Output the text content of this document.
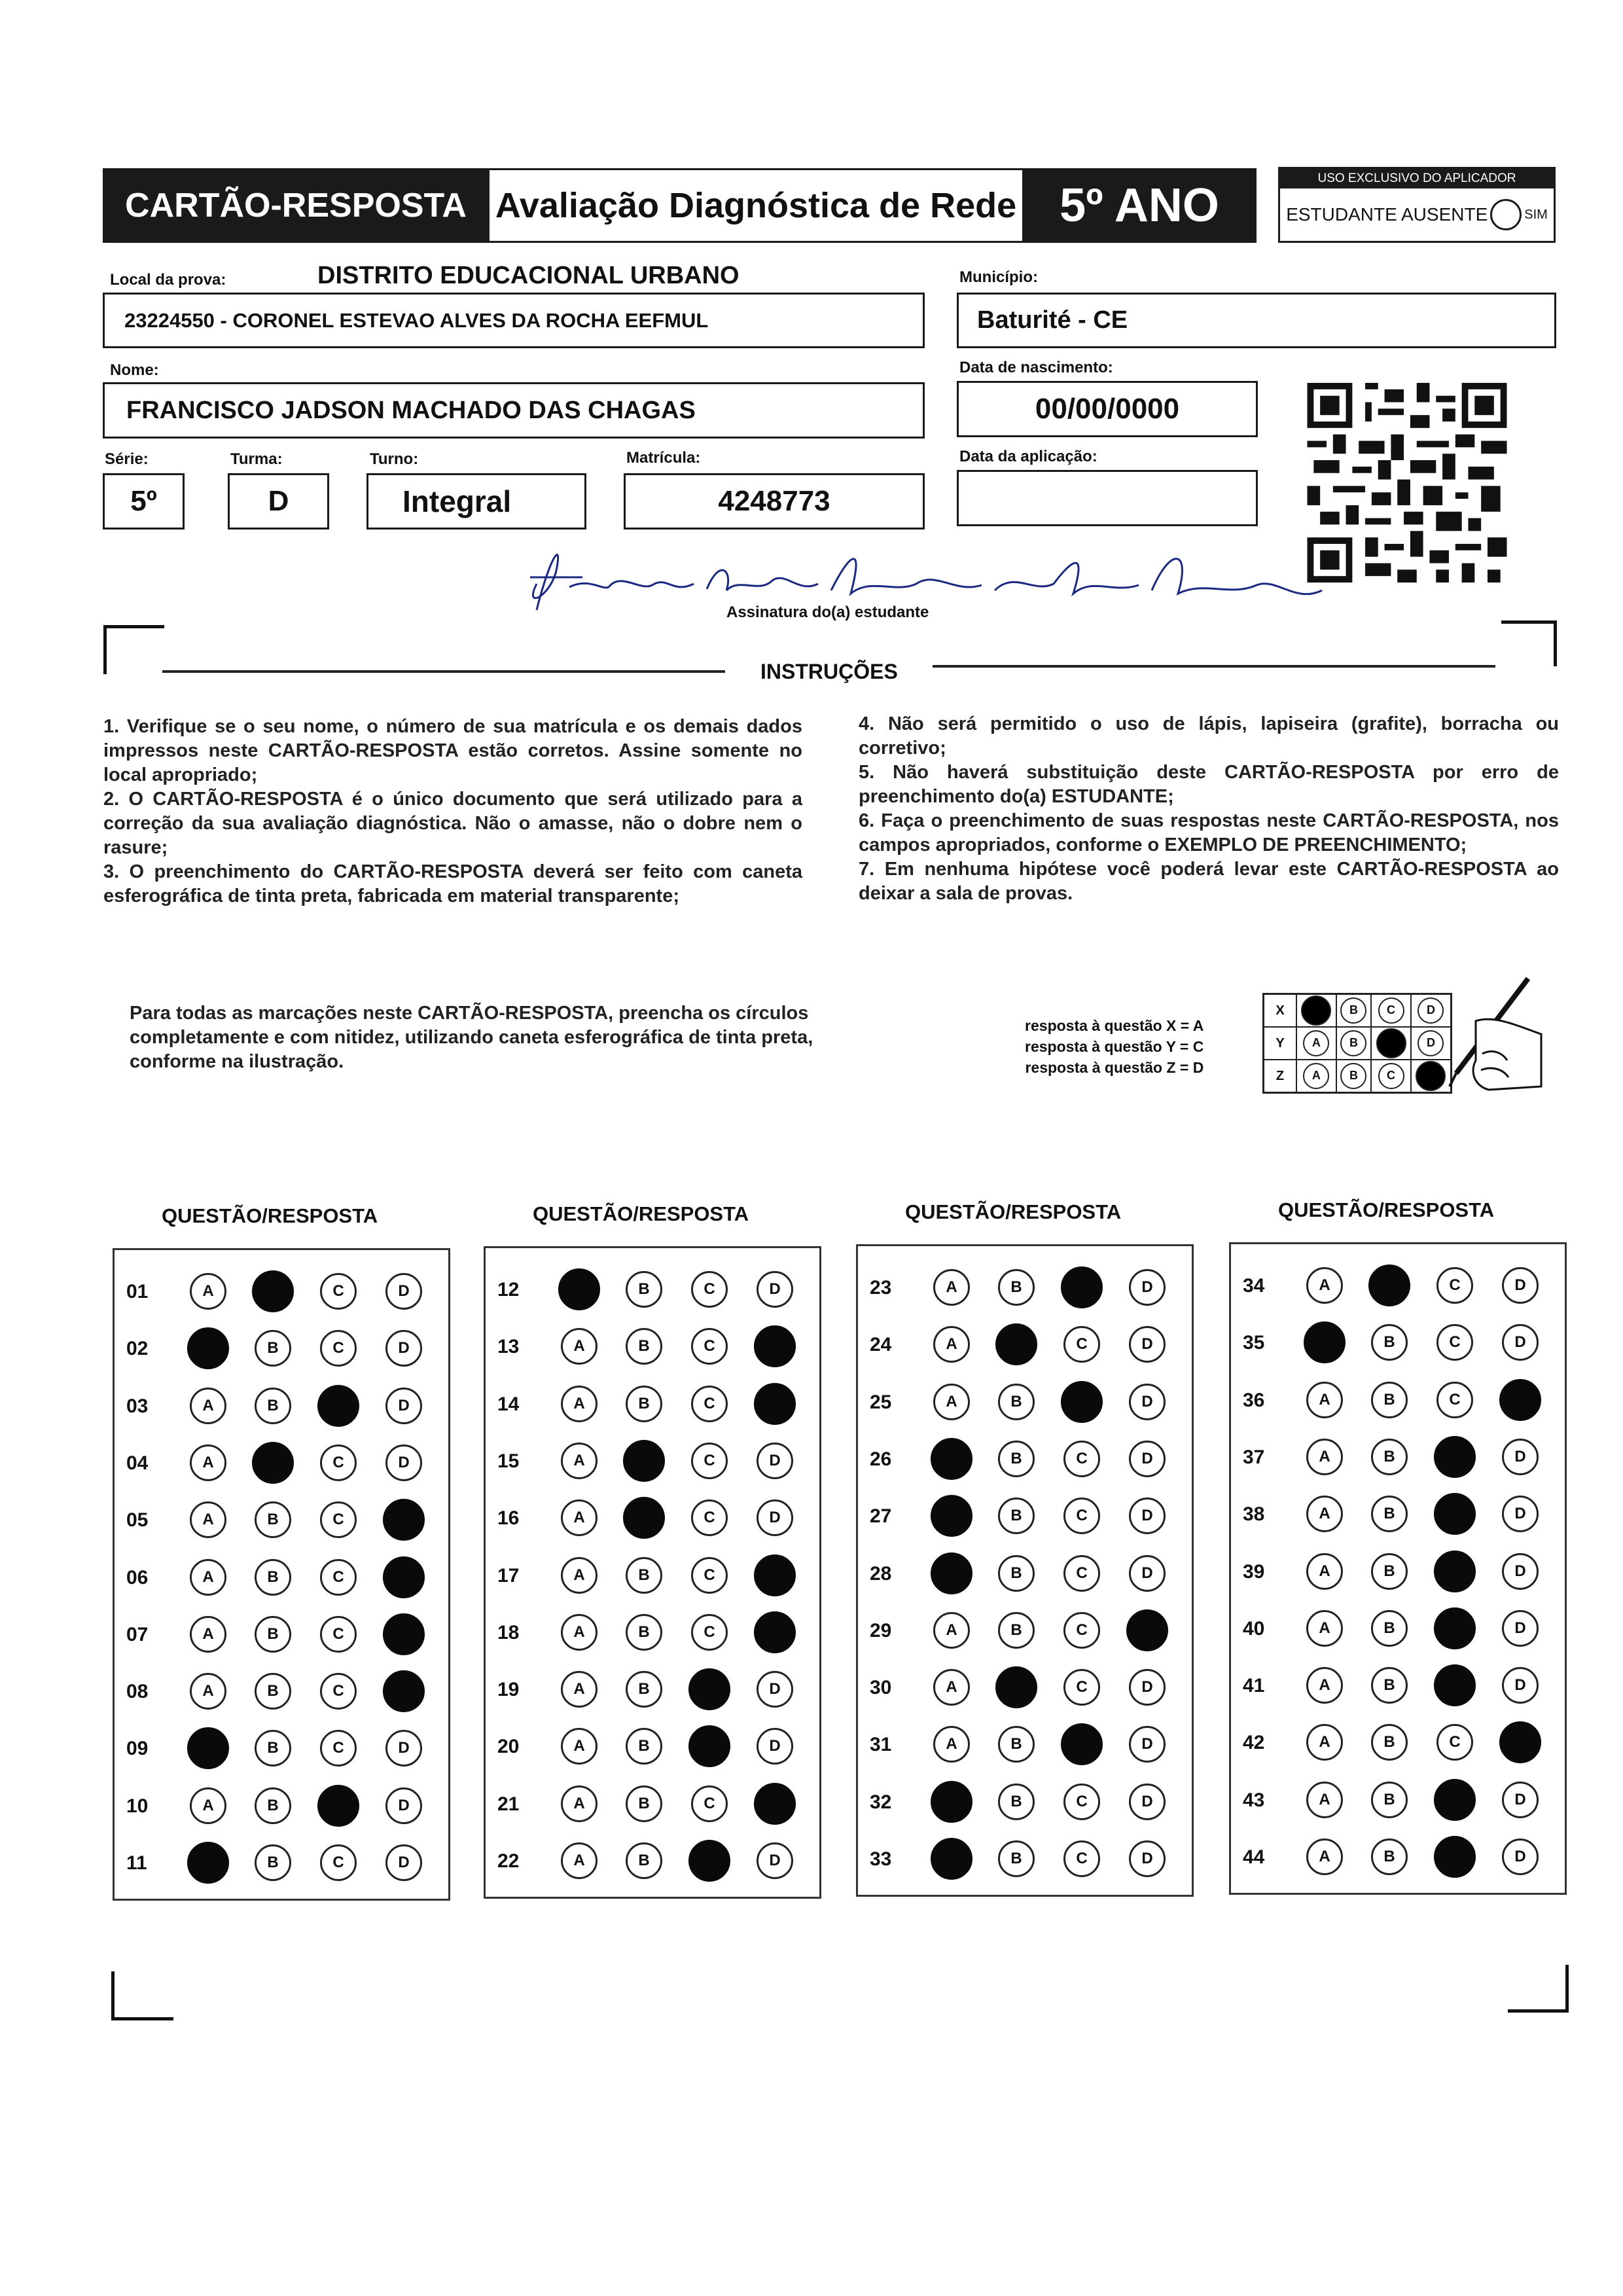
CARTÃO-RESPOSTA Avaliação Diagnóstica de Rede 5º ANO
USO EXCLUSIVO DO APLICADOR
ESTUDANTE AUSENTE	SIM
Local da prova:	DISTRITO EDUCACIONAL URBANO
23224550 - CORONEL ESTEVAO ALVES DA ROCHA EEFMUL
Município:
Baturité - CE
Nome:
FRANCISCO JADSON MACHADO DAS CHAGAS
Data de nascimento:
00/00/0000
Série:
5º
Turma:
D
Turno:
Integral
Matrícula:
4248773
Data da aplicação:
Assinatura do(a) estudante
INSTRUÇÕES

1. Verifique se o seu nome, o número de sua matrícula e os demais dados impressos neste CARTÃO-RESPOSTA estão corretos. Assine somente no local apropriado;

2. O CARTÃO-RESPOSTA é o único documento que será utilizado para a correção da sua avaliação diagnóstica. Não o amasse, não o dobre nem o rasure;

3. O preenchimento do CARTÃO-RESPOSTA deverá ser feito com caneta esferográfica de tinta preta, fabricada em material transparente;

4. Não será permitido o uso de lápis, lapiseira (grafite), borracha ou corretivo;

5. Não haverá substituição deste CARTÃO-RESPOSTA por erro de preenchimento do(a) ESTUDANTE;

6. Faça o preenchimento de suas respostas neste CARTÃO-RESPOSTA, nos campos apropriados, conforme o EXEMPLO DE PREENCHIMENTO;

7. Em nenhuma hipótese você poderá levar este CARTÃO-RESPOSTA ao deixar a sala de provas.

Para todas as marcações neste CARTÃO-RESPOSTA, preencha os círculos completamente e com nitidez, utilizando caneta esferográfica de tinta preta, conforme na ilustração.
resposta à questão X = A
resposta à questão Y = C
resposta à questão Z = D
X	A	B	C	D
Y	A	B	C	D
Z	A	B	C	D
QUESTÃO/RESPOSTA
01	A	B	C	D
02	A	B	C	D
03	A	B	C	D
04	A	B	C	D
05	A	B	C	D
06	A	B	C	D
07	A	B	C	D
08	A	B	C	D
09	A	B	C	D
10	A	B	C	D
11	A	B	C	D
QUESTÃO/RESPOSTA
12	A	B	C	D
13	A	B	C	D
14	A	B	C	D
15	A	B	C	D
16	A	B	C	D
17	A	B	C	D
18	A	B	C	D
19	A	B	C	D
20	A	B	C	D
21	A	B	C	D
22	A	B	C	D
QUESTÃO/RESPOSTA
23	A	B	C	D
24	A	B	C	D
25	A	B	C	D
26	A	B	C	D
27	A	B	C	D
28	A	B	C	D
29	A	B	C	D
30	A	B	C	D
31	A	B	C	D
32	A	B	C	D
33	A	B	C	D
QUESTÃO/RESPOSTA
34	A	B	C	D
35	A	B	C	D
36	A	B	C	D
37	A	B	C	D
38	A	B	C	D
39	A	B	C	D
40	A	B	C	D
41	A	B	C	D
42	A	B	C	D
43	A	B	C	D
44	A	B	C	D
